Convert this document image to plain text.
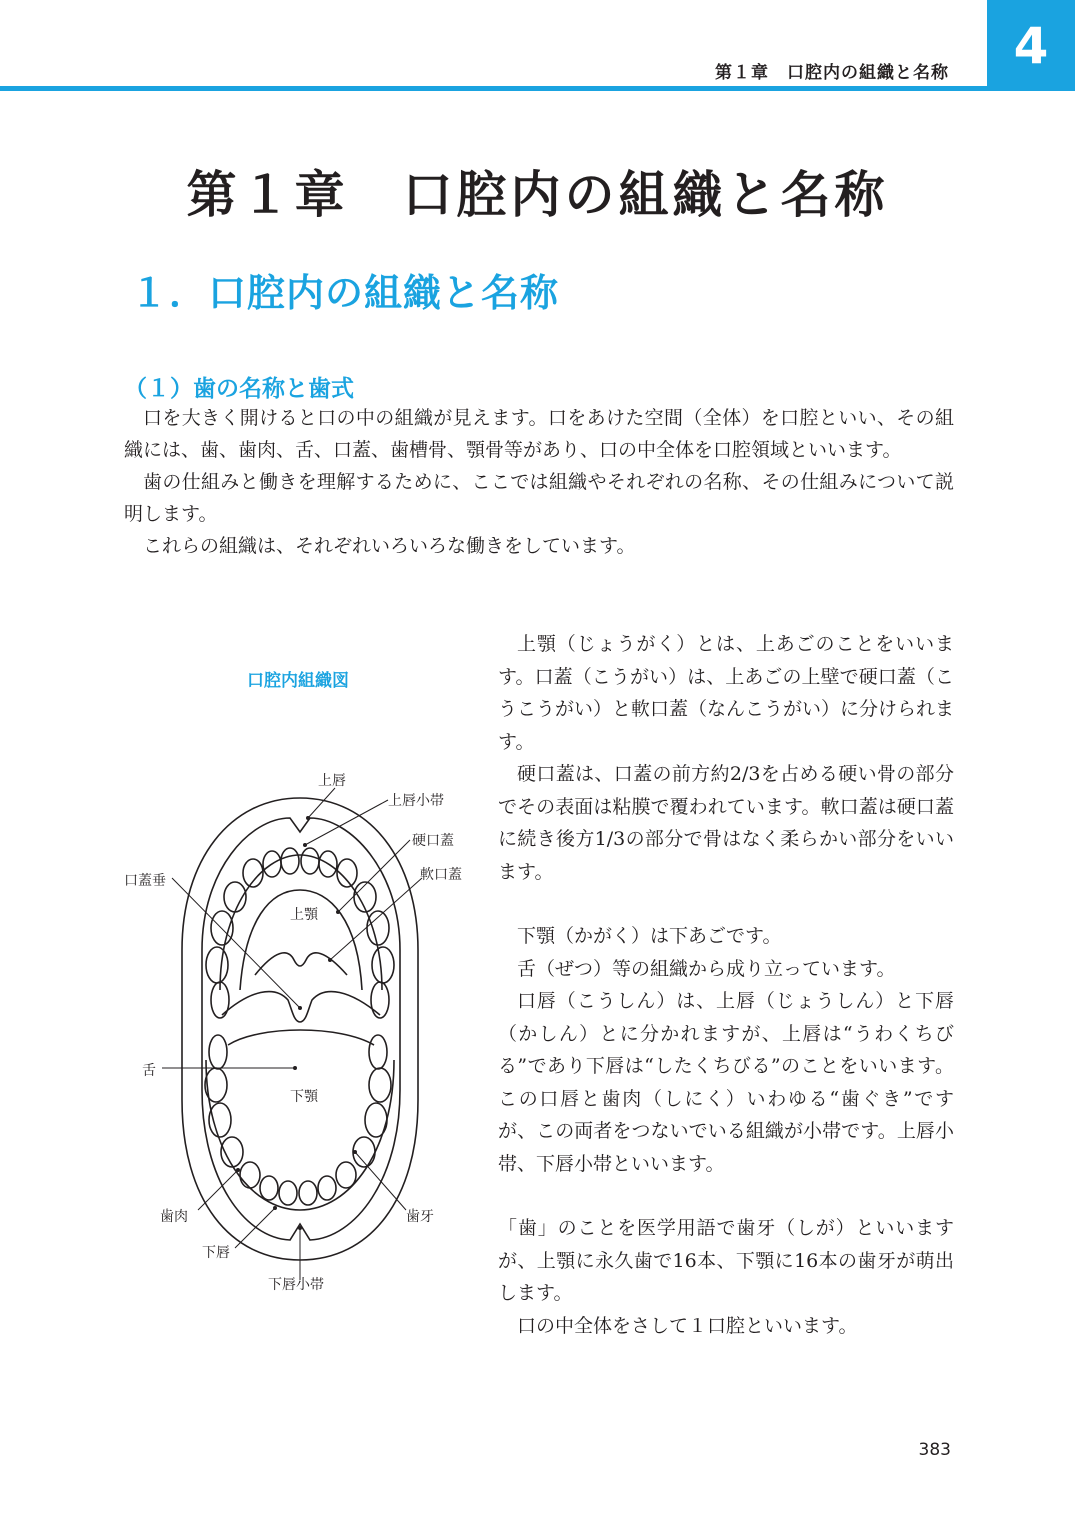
第１章　口腔内の組織と名称	4
第１章　口腔内の組織と名称
１．口腔内の組織と名称
（１）歯の名称と歯式

口を大きく開けると口の中の組織が見えます。口をあけた空間（全体）を口腔といい、その組織には、歯、歯肉、舌、口蓋、歯槽骨、顎骨等があり、口の中全体を口腔領域といいます。

歯の仕組みと働きを理解するために、ここでは組織やそれぞれの名称、その仕組みについて説明します。

これらの組織は、それぞれいろいろな働きをしています。

口腔内組織図
上唇
上唇小帯
硬口蓋
軟口蓋
口蓋垂
上顎
舌
下顎
歯肉	歯牙
下唇
下唇小帯

上顎（じょうがく）とは、上あごのことをいいます。口蓋（こうがい）は、上あごの上壁で硬口蓋（こうこうがい）と軟口蓋（なんこうがい）に分けられます。

硬口蓋は、口蓋の前方約2/3を占める硬い骨の部分でその表面は粘膜で覆われています。軟口蓋は硬口蓋に続き後方1/3の部分で骨はなく柔らかい部分をいいます。

下顎（かがく）は下あごです。

舌（ぜつ）等の組織から成り立っています。

口唇（こうしん）は、上唇（じょうしん）と下唇（かしん）とに分かれますが、上唇は“うわくちびる”であり下唇は“したくちびる”のことをいいます。この口唇と歯肉（しにく）いわゆる“歯ぐき”ですが、この両者をつないでいる組織が小帯です。上唇小帯、下唇小帯といいます。

「歯」のことを医学用語で歯牙（しが）といいますが、上顎に永久歯で16本、下顎に16本の歯牙が萌出します。

口の中全体をさして１口腔といいます。

383
